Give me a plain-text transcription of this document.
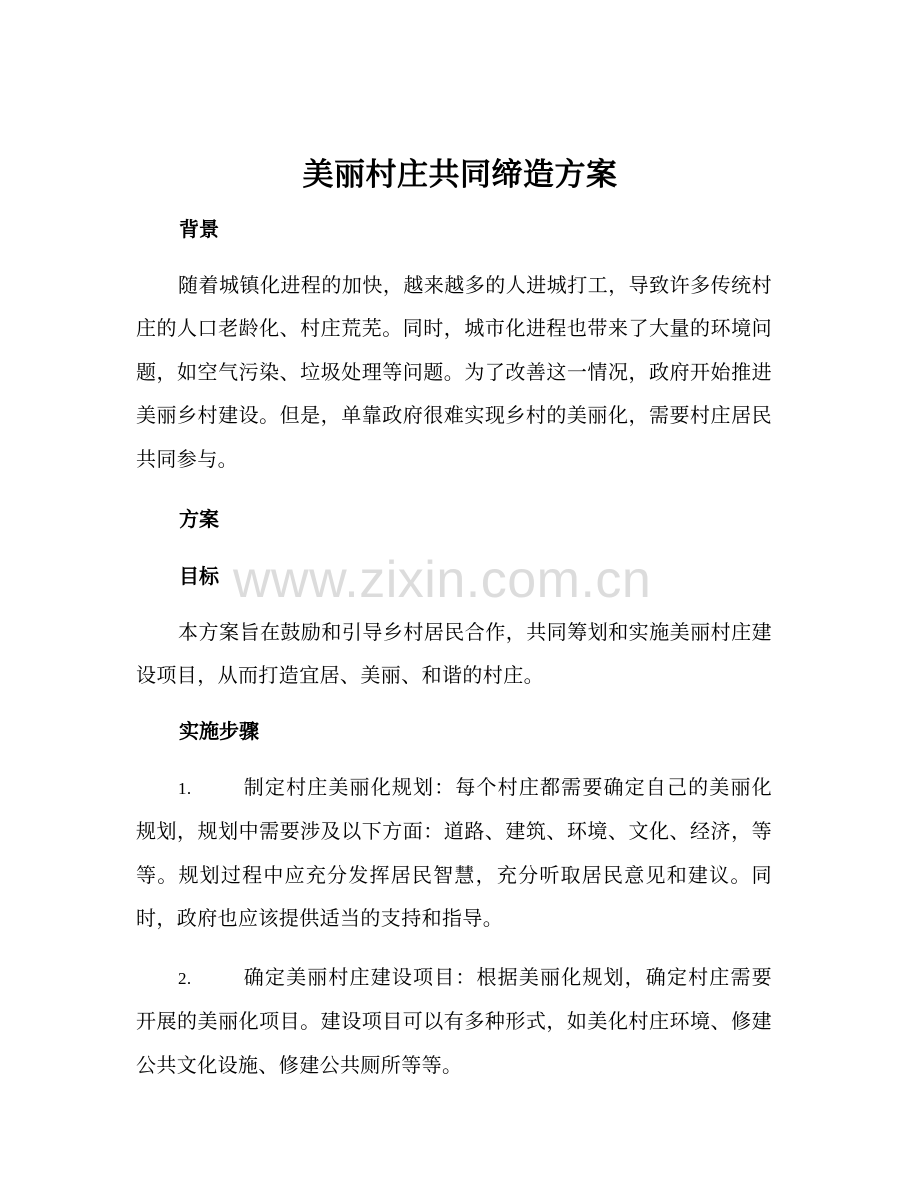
美丽村庄共同缔造方案
背景

随着城镇化进程的加快，越来越多的人进城打工，导致许多传统村庄的人口老龄化、村庄荒芜。同时，城市化进程也带来了大量的环境问题，如空气污染、垃圾处理等问题。为了改善这一情况，政府开始推进美丽乡村建设。但是，单靠政府很难实现乡村的美丽化，需要村庄居民共同参与。

方案
目标

本方案旨在鼓励和引导乡村居民合作，共同筹划和实施美丽村庄建设项目，从而打造宜居、美丽、和谐的村庄。

实施步骤

1.	制定村庄美丽化规划：每个村庄都需要确定自己的美丽化规划，规划中需要涉及以下方面：道路、建筑、环境、文化、经济，等等。规划过程中应充分发挥居民智慧，充分听取居民意见和建议。同时，政府也应该提供适当的支持和指导。

2.	确定美丽村庄建设项目：根据美丽化规划，确定村庄需要开展的美丽化项目。建设项目可以有多种形式，如美化村庄环境、修建公共文化设施、修建公共厕所等等。

www.zixin.com.cn
